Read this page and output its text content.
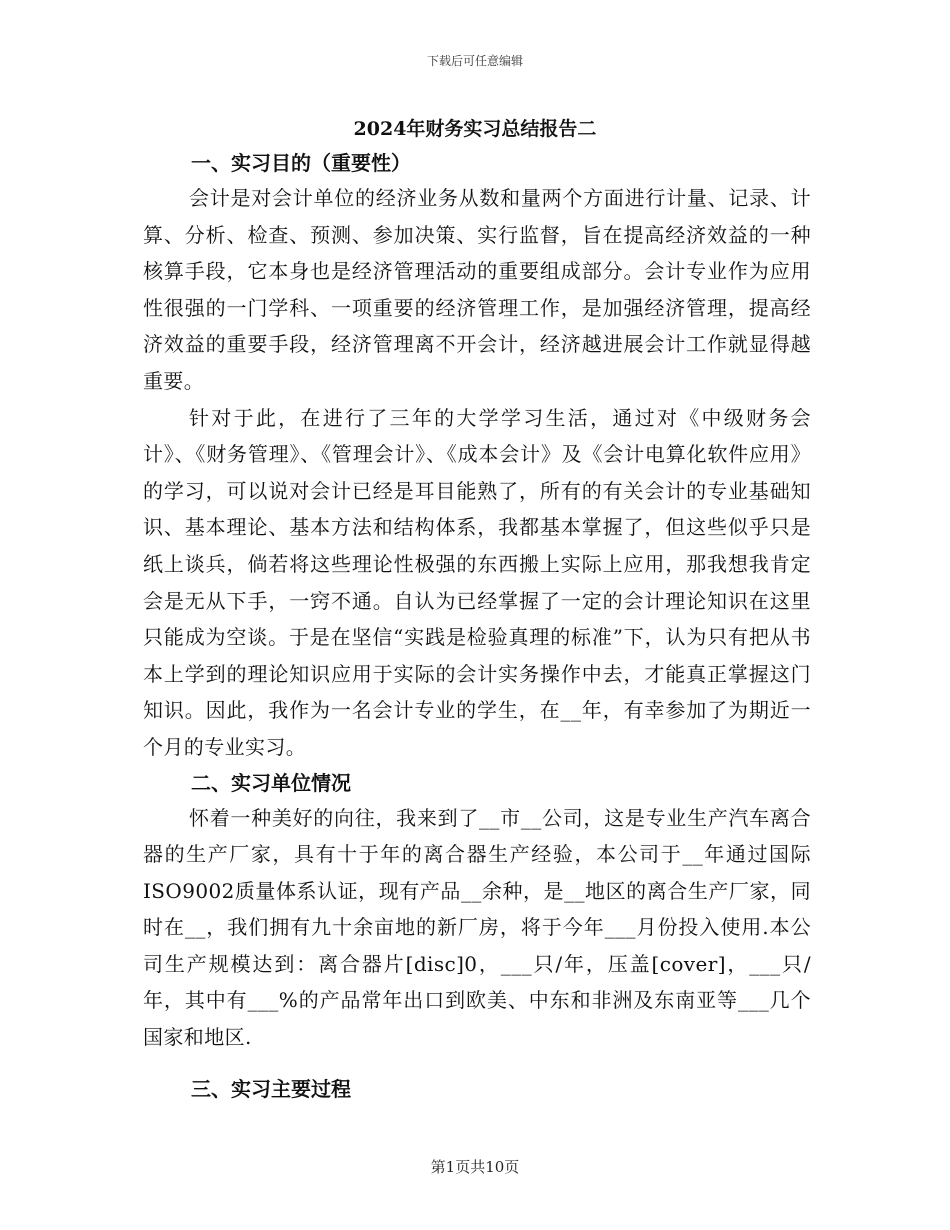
下载后可任意编辑
2024年财务实习总结报告二
一、实习目的（重要性）

会计是对会计单位的经济业务从数和量两个方面进行计量、记录、计算、分析、检查、预测、参加决策、实行监督，旨在提高经济效益的一种核算手段，它本身也是经济管理活动的重要组成部分。会计专业作为应用性很强的一门学科、一项重要的经济管理工作，是加强经济管理，提高经济效益的重要手段，经济管理离不开会计，经济越进展会计工作就显得越重要。

针对于此，在进行了三年的大学学习生活，通过对《中级财务会计》、《财务管理》、《管理会计》、《成本会计》及《会计电算化软件应用》的学习，可以说对会计已经是耳目能熟了，所有的有关会计的专业基础知识、基本理论、基本方法和结构体系，我都基本掌握了，但这些似乎只是纸上谈兵，倘若将这些理论性极强的东西搬上实际上应用，那我想我肯定会是无从下手，一窍不通。自认为已经掌握了一定的会计理论知识在这里只能成为空谈。于是在坚信“实践是检验真理的标准”下，认为只有把从书本上学到的理论知识应用于实际的会计实务操作中去，才能真正掌握这门知识。因此，我作为一名会计专业的学生，在__年，有幸参加了为期近一个月的专业实习。

二、实习单位情况

怀着一种美好的向往，我来到了__市__公司，这是专业生产汽车离合器的生产厂家，具有十于年的离合器生产经验，本公司于__年通过国际ISO9002质量体系认证，现有产品__余种，是__地区的离合生产厂家，同时在__，我们拥有九十余亩地的新厂房，将于今年___月份投入使用.本公司生产规模达到：离合器片[disc]0，___只/年，压盖[cover]，___只/年，其中有___%的产品常年出口到欧美、中东和非洲及东南亚等___几个国家和地区.

三、实习主要过程
第1页共10页
